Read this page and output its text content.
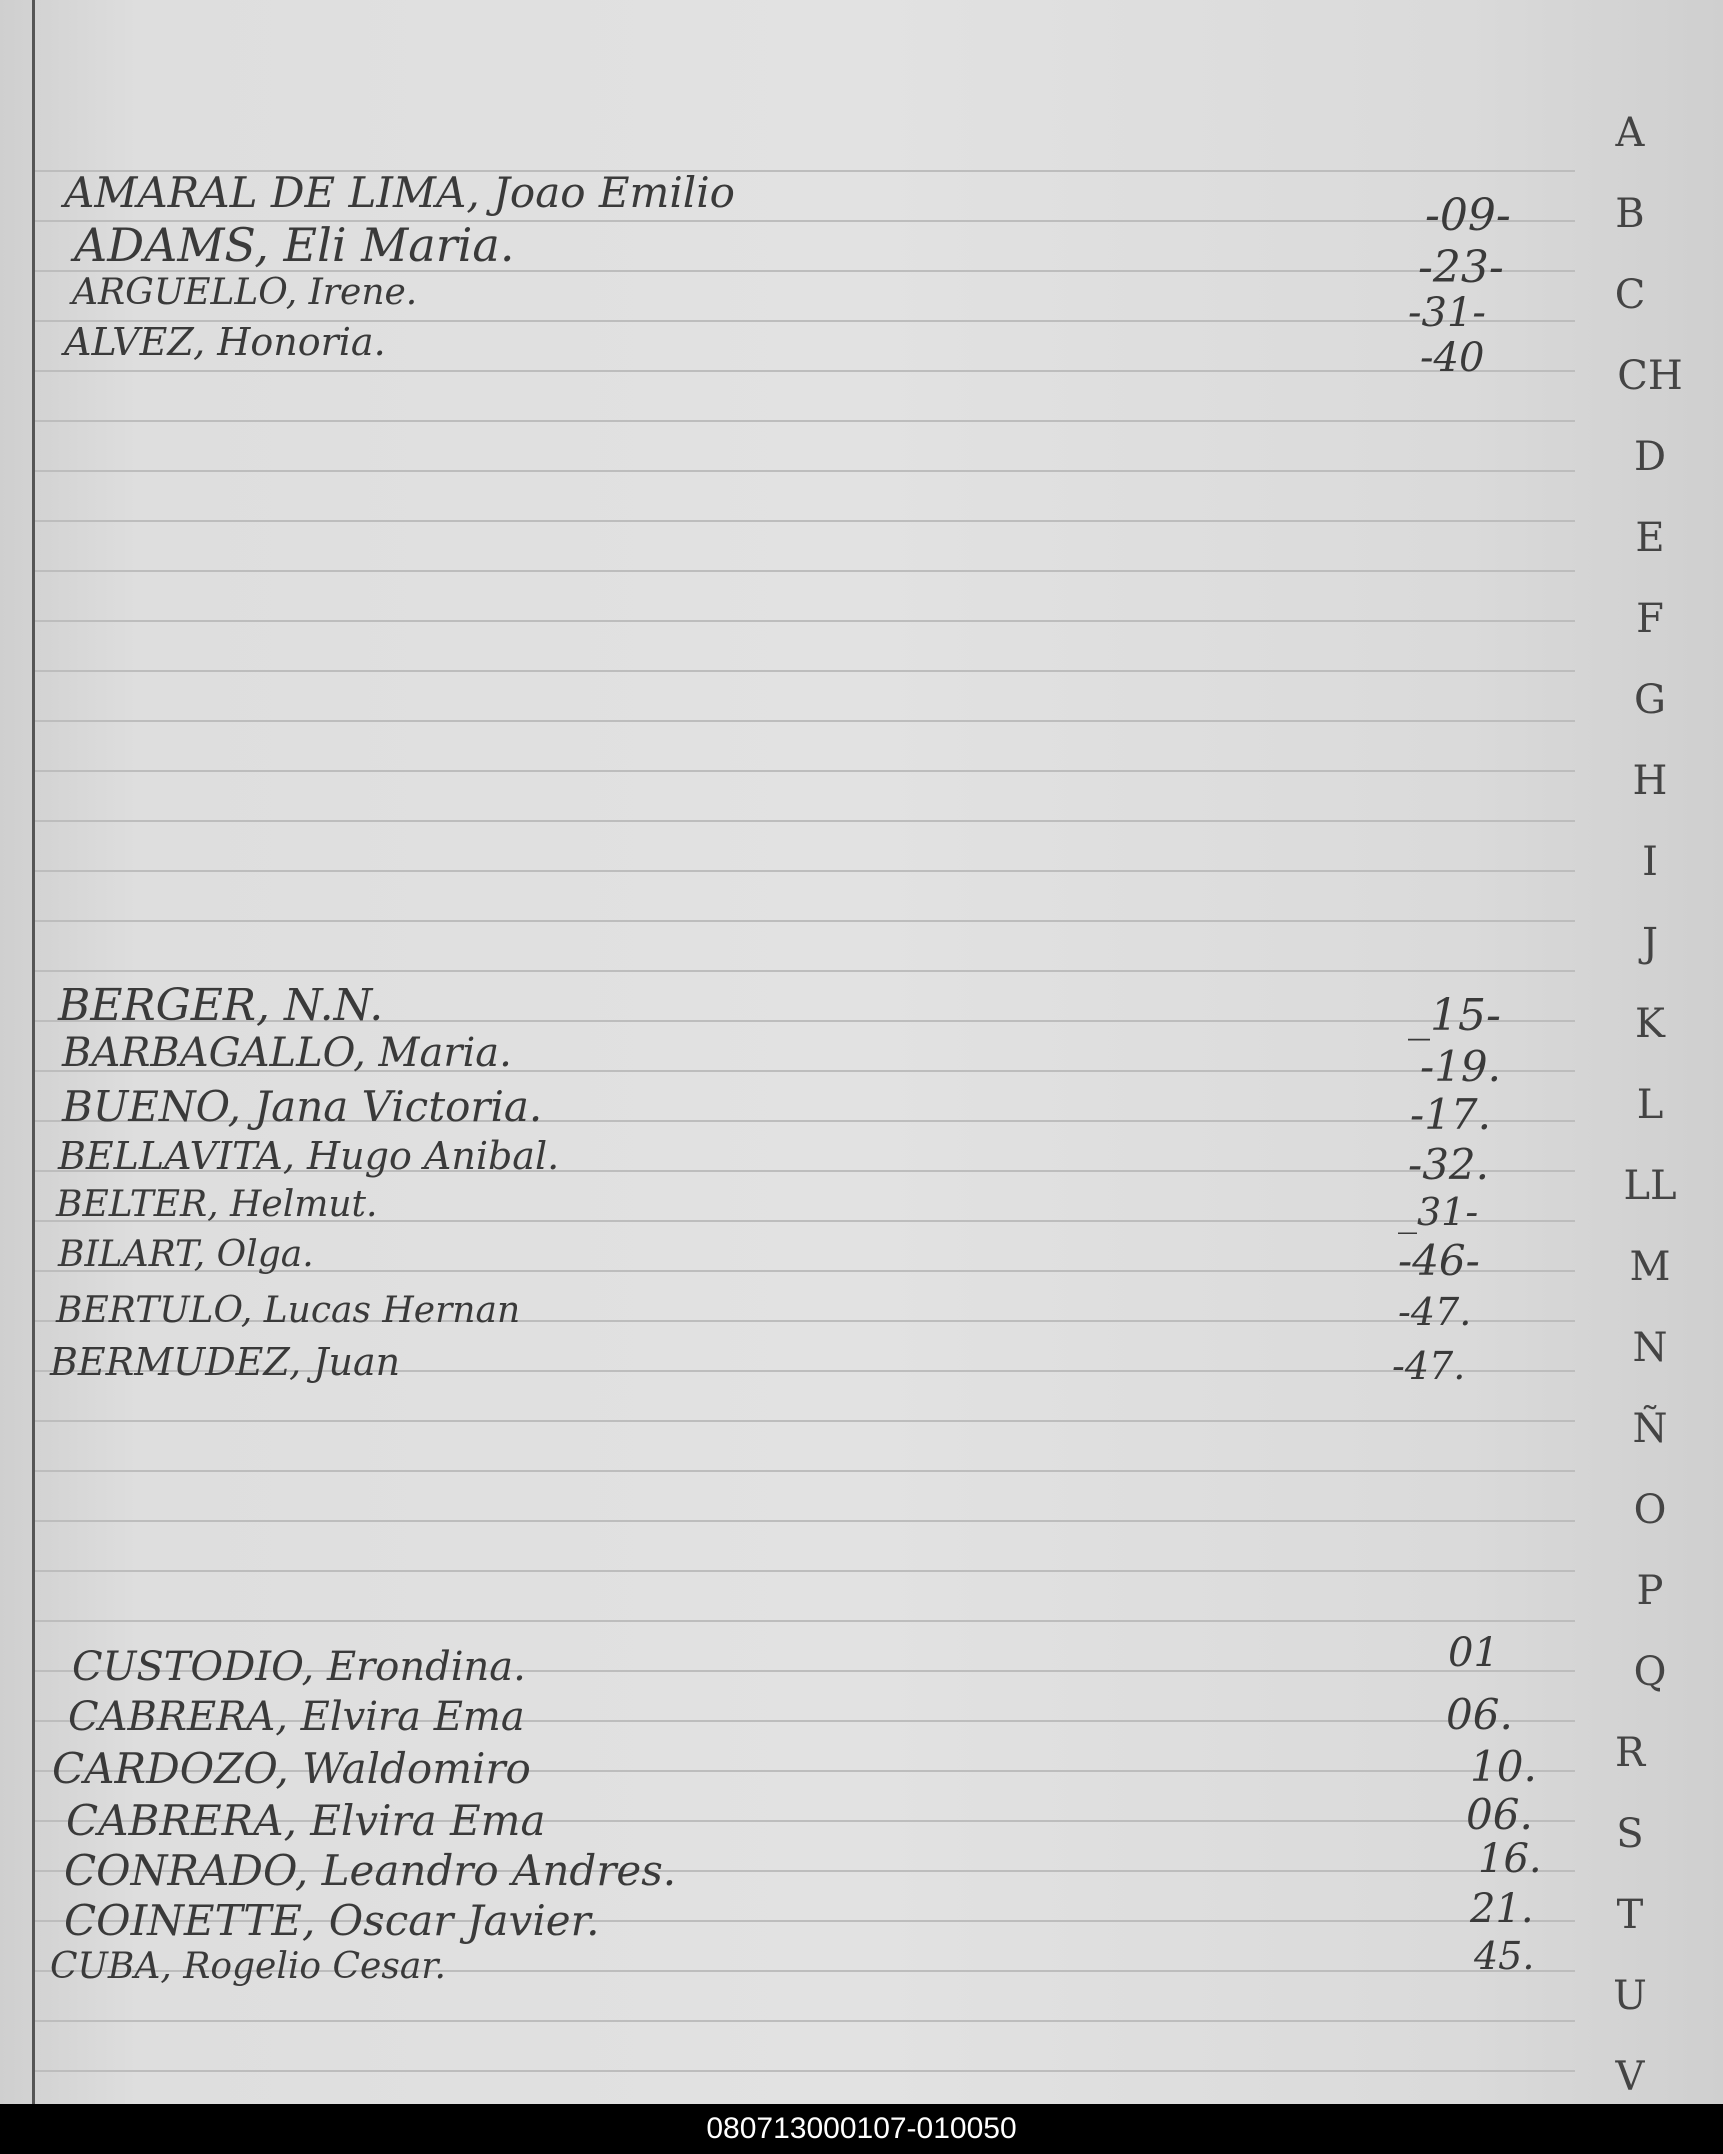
AMARAL DE LIMA, Joao Emilio	-09-
ADAMS, Eli Maria.	-23-
ARGUELLO, Irene.	-31-
ALVEZ, Honoria.	-40
BERGER, N.N.	_15-
BARBAGALLO, Maria.	-19.
BUENO, Jana Victoria.	-17.
BELLAVITA, Hugo Anibal.	-32.
BELTER, Helmut.	_31-
BILART, Olga.	-46-
BERTULO, Lucas Hernan	-47.
BERMUDEZ, Juan	-47.
CUSTODIO, Erondina.	01
CABRERA, Elvira Ema	06.
CARDOZO, Waldomiro	10.
CABRERA, Elvira Ema	06.
CONRADO, Leandro Andres.	16.
COINETTE, Oscar Javier.	21.
CUBA, Rogelio Cesar.	45.
A
B
C
CH
D
E
F
G
H
I
J
K
L
LL
M
N
Ñ
O
P
Q
R
S
T
U
V
080713000107-010050
